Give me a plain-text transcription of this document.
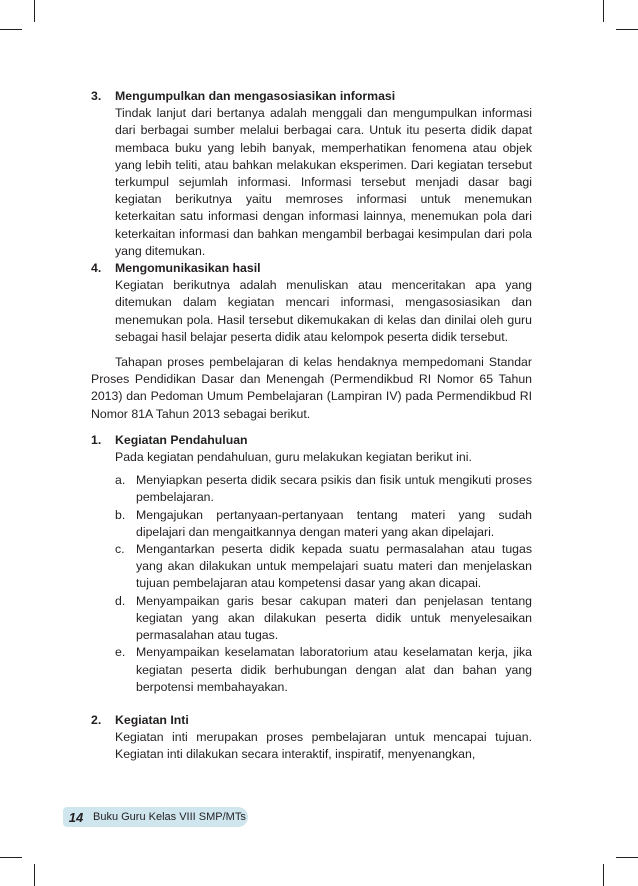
3.	Mengumpulkan dan mengasosiasikan informasi
Tindak lanjut dari bertanya adalah menggali dan mengumpulkan informasi dari berbagai sumber melalui berbagai cara. Untuk itu peserta didik dapat membaca buku yang lebih banyak, memperhatikan fenomena atau objek yang lebih teliti, atau bahkan melakukan eksperimen. Dari kegiatan tersebut terkumpul sejumlah informasi. Informasi tersebut menjadi dasar bagi kegiatan berikutnya yaitu memroses informasi untuk menemukan keterkaitan satu informasi dengan informasi lainnya, menemukan pola dari keterkaitan informasi dan bahkan mengambil berbagai kesimpulan dari pola yang ditemukan.
4.	Mengomunikasikan hasil
Kegiatan berikutnya adalah menuliskan atau menceritakan apa yang ditemukan dalam kegiatan mencari informasi, mengasosiasikan dan menemukan pola. Hasil tersebut dikemukakan di kelas dan dinilai oleh guru sebagai hasil belajar peserta didik atau kelompok peserta didik tersebut.
Tahapan proses pembelajaran di kelas hendaknya mempedomani Standar Proses Pendidikan Dasar dan Menengah (Permendikbud RI Nomor 65 Tahun 2013) dan Pedoman Umum Pembelajaran (Lampiran IV) pada Permendikbud RI Nomor 81A Tahun 2013 sebagai berikut.
1.	Kegiatan Pendahuluan
Pada kegiatan pendahuluan, guru melakukan kegiatan berikut ini.
a. Menyiapkan peserta didik secara psikis dan fisik untuk mengikuti proses pembelajaran.
b. Mengajukan pertanyaan-pertanyaan tentang materi yang sudah dipelajari dan mengaitkannya dengan materi yang akan dipelajari.
c. Mengantarkan peserta didik kepada suatu permasalahan atau tugas yang akan dilakukan untuk mempelajari suatu materi dan menjelaskan tujuan pembelajaran atau kompetensi dasar yang akan dicapai.
d. Menyampaikan garis besar cakupan materi dan penjelasan tentang kegiatan yang akan dilakukan peserta didik untuk menyelesaikan permasalahan atau tugas.
e. Menyampaikan keselamatan laboratorium atau keselamatan kerja, jika kegiatan peserta didik berhubungan dengan alat dan bahan yang berpotensi membahayakan.
2.	Kegiatan Inti
Kegiatan inti merupakan proses pembelajaran untuk mencapai tujuan. Kegiatan inti dilakukan secara interaktif, inspiratif, menyenangkan,
14 Buku Guru Kelas VIII SMP/MTs
